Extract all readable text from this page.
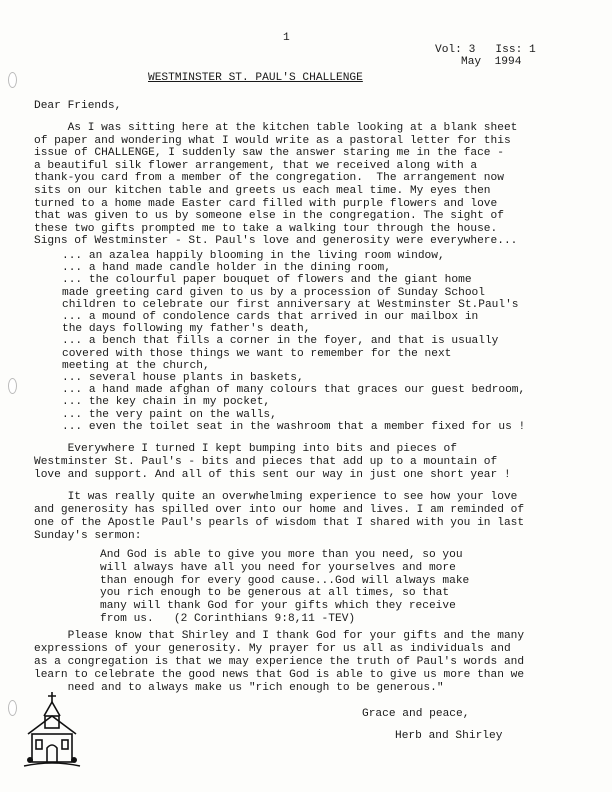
1
Vol: 3   Iss: 1
May  1994
WESTMINSTER ST. PAUL'S CHALLENGE
Dear Friends,
As I was sitting here at the kitchen table looking at a blank sheet
of paper and wondering what I would write as a pastoral letter for this
issue of CHALLENGE, I suddenly saw the answer staring me in the face -
a beautiful silk flower arrangement, that we received along with a
thank-you card from a member of the congregation.  The arrangement now
sits on our kitchen table and greets us each meal time. My eyes then
turned to a home made Easter card filled with purple flowers and love
that was given to us by someone else in the congregation. The sight of
these two gifts prompted me to take a walking tour through the house.
Signs of Westminster - St. Paul's love and generosity were everywhere...
... an azalea happily blooming in the living room window,
... a hand made candle holder in the dining room,
... the colourful paper bouquet of flowers and the giant home
made greeting card given to us by a procession of Sunday School
children to celebrate our first anniversary at Westminster St.Paul's
... a mound of condolence cards that arrived in our mailbox in
the days following my father's death,
... a bench that fills a corner in the foyer, and that is usually
covered with those things we want to remember for the next
meeting at the church,
... several house plants in baskets,
... a hand made afghan of many colours that graces our guest bedroom,
... the key chain in my pocket,
... the very paint on the walls,
... even the toilet seat in the washroom that a member fixed for us !
Everywhere I turned I kept bumping into bits and pieces of
Westminster St. Paul's - bits and pieces that add up to a mountain of
love and support. And all of this sent our way in just one short year !
It was really quite an overwhelming experience to see how your love
and generosity has spilled over into our home and lives. I am reminded of
one of the Apostle Paul's pearls of wisdom that I shared with you in last
Sunday's sermon:
And God is able to give you more than you need, so you
will always have all you need for yourselves and more
than enough for every good cause...God will always make
you rich enough to be generous at all times, so that
many will thank God for your gifts which they receive
from us.   (2 Corinthians 9:8,11 -TEV)
Please know that Shirley and I thank God for your gifts and the many
expressions of your generosity. My prayer for us all as individuals and
as a congregation is that we may experience the truth of Paul's words and
learn to celebrate the good news that God is able to give us more than we
need and to always make us "rich enough to be generous."
Grace and peace,
Herb and Shirley
